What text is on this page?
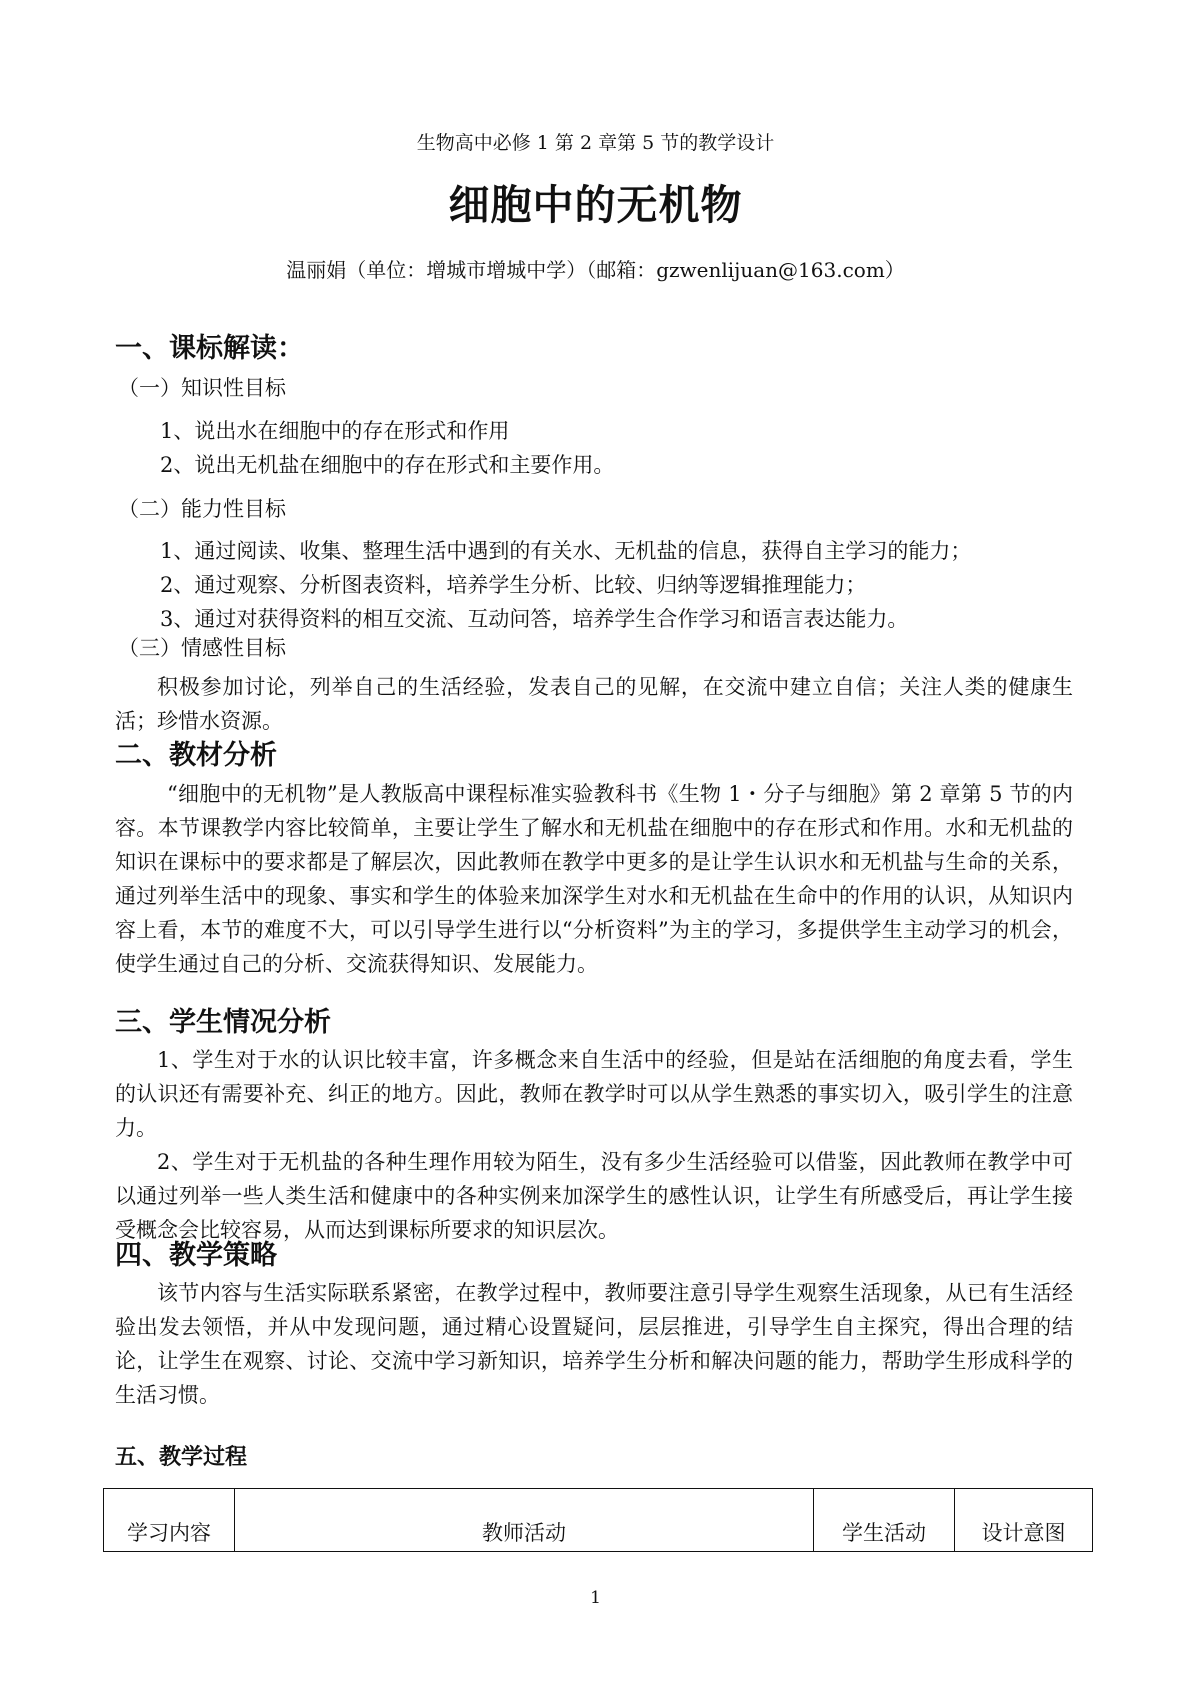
生物高中必修 1 第 2 章第 5 节的教学设计
细胞中的无机物
温丽娟（单位：增城市增城中学）（邮箱：gzwenlijuan@163.com）
一、课标解读：
（一）知识性目标
1、说出水在细胞中的存在形式和作用
2、说出无机盐在细胞中的存在形式和主要作用。
（二）能力性目标
1、通过阅读、收集、整理生活中遇到的有关水、无机盐的信息，获得自主学习的能力；
2、通过观察、分析图表资料，培养学生分析、比较、归纳等逻辑推理能力；
3、通过对获得资料的相互交流、互动问答，培养学生合作学习和语言表达能力。
（三）情感性目标
积极参加讨论，列举自己的生活经验，发表自己的见解，在交流中建立自信；关注人类的健康生活；珍惜水资源。
二、教材分析
“细胞中的无机物”是人教版高中课程标准实验教科书《生物 1・分子与细胞》第 2 章第 5 节的内容。本节课教学内容比较简单，主要让学生了解水和无机盐在细胞中的存在形式和作用。水和无机盐的知识在课标中的要求都是了解层次，因此教师在教学中更多的是让学生认识水和无机盐与生命的关系，通过列举生活中的现象、事实和学生的体验来加深学生对水和无机盐在生命中的作用的认识，从知识内容上看，本节的难度不大，可以引导学生进行以“分析资料”为主的学习，多提供学生主动学习的机会，使学生通过自己的分析、交流获得知识、发展能力。
三、学生情况分析
1、学生对于水的认识比较丰富，许多概念来自生活中的经验，但是站在活细胞的角度去看，学生的认识还有需要补充、纠正的地方。因此，教师在教学时可以从学生熟悉的事实切入，吸引学生的注意力。
2、学生对于无机盐的各种生理作用较为陌生，没有多少生活经验可以借鉴，因此教师在教学中可以通过列举一些人类生活和健康中的各种实例来加深学生的感性认识，让学生有所感受后，再让学生接受概念会比较容易，从而达到课标所要求的知识层次。
四、教学策略
该节内容与生活实际联系紧密，在教学过程中，教师要注意引导学生观察生活现象，从已有生活经验出发去领悟，并从中发现问题，通过精心设置疑问，层层推进，引导学生自主探究，得出合理的结论，让学生在观察、讨论、交流中学习新知识，培养学生分析和解决问题的能力，帮助学生形成科学的生活习惯。
五、教学过程
学习内容	教师活动	学生活动	设计意图
1
